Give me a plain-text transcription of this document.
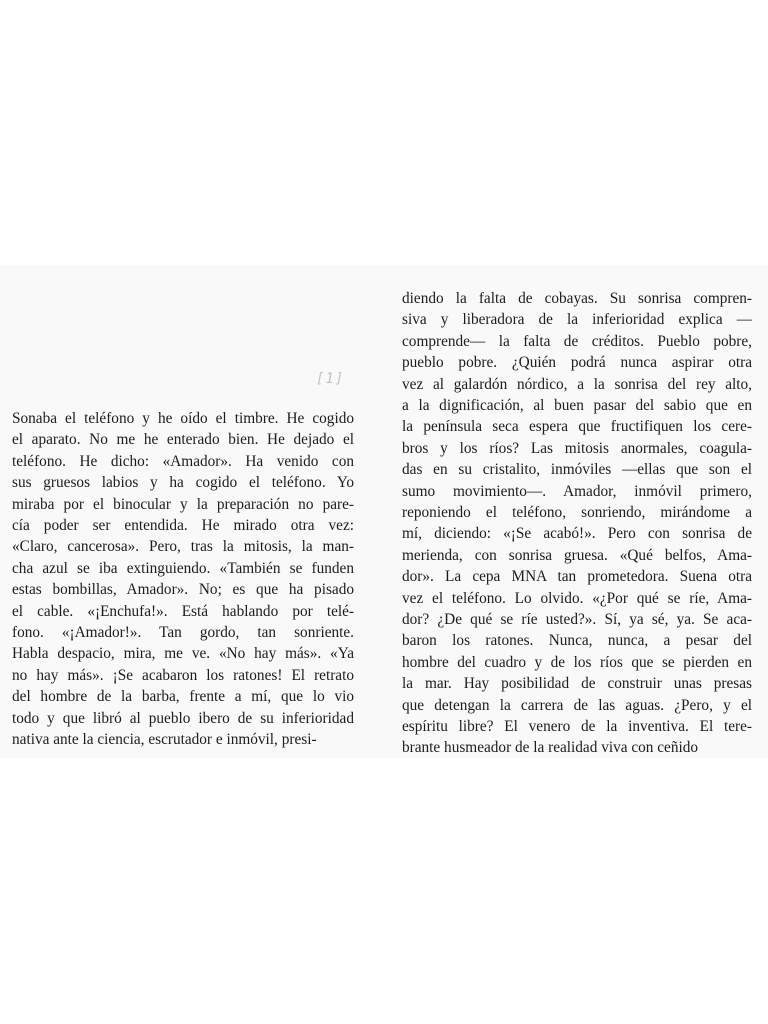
[1]
Sonaba el teléfono y he oído el timbre. He cogido
el aparato. No me he enterado bien. He dejado el
teléfono. He dicho: «Amador». Ha venido con
sus gruesos labios y ha cogido el teléfono. Yo
miraba por el binocular y la preparación no pare-
cía poder ser entendida. He mirado otra vez:
«Claro, cancerosa». Pero, tras la mitosis, la man-
cha azul se iba extinguiendo. «También se funden
estas bombillas, Amador». No; es que ha pisado
el cable. «¡Enchufa!». Está hablando por telé-
fono. «¡Amador!». Tan gordo, tan sonriente.
Habla despacio, mira, me ve. «No hay más». «Ya
no hay más». ¡Se acabaron los ratones! El retrato
del hombre de la barba, frente a mí, que lo vio
todo y que libró al pueblo ibero de su inferioridad
nativa ante la ciencia, escrutador e inmóvil, presi-
diendo la falta de cobayas. Su sonrisa compren-
siva y liberadora de la inferioridad explica —
comprende— la falta de créditos. Pueblo pobre,
pueblo pobre. ¿Quién podrá nunca aspirar otra
vez al galardón nórdico, a la sonrisa del rey alto,
a la dignificación, al buen pasar del sabio que en
la península seca espera que fructifiquen los cere-
bros y los ríos? Las mitosis anormales, coagula-
das en su cristalito, inmóviles —ellas que son el
sumo movimiento—. Amador, inmóvil primero,
reponiendo el teléfono, sonriendo, mirándome a
mí, diciendo: «¡Se acabó!». Pero con sonrisa de
merienda, con sonrisa gruesa. «Qué belfos, Ama-
dor». La cepa MNA tan prometedora. Suena otra
vez el teléfono. Lo olvido. «¿Por qué se ríe, Ama-
dor? ¿De qué se ríe usted?». Sí, ya sé, ya. Se aca-
baron los ratones. Nunca, nunca, a pesar del
hombre del cuadro y de los ríos que se pierden en
la mar. Hay posibilidad de construir unas presas
que detengan la carrera de las aguas. ¿Pero, y el
espíritu libre? El venero de la inventiva. El tere-
brante husmeador de la realidad viva con ceñido
